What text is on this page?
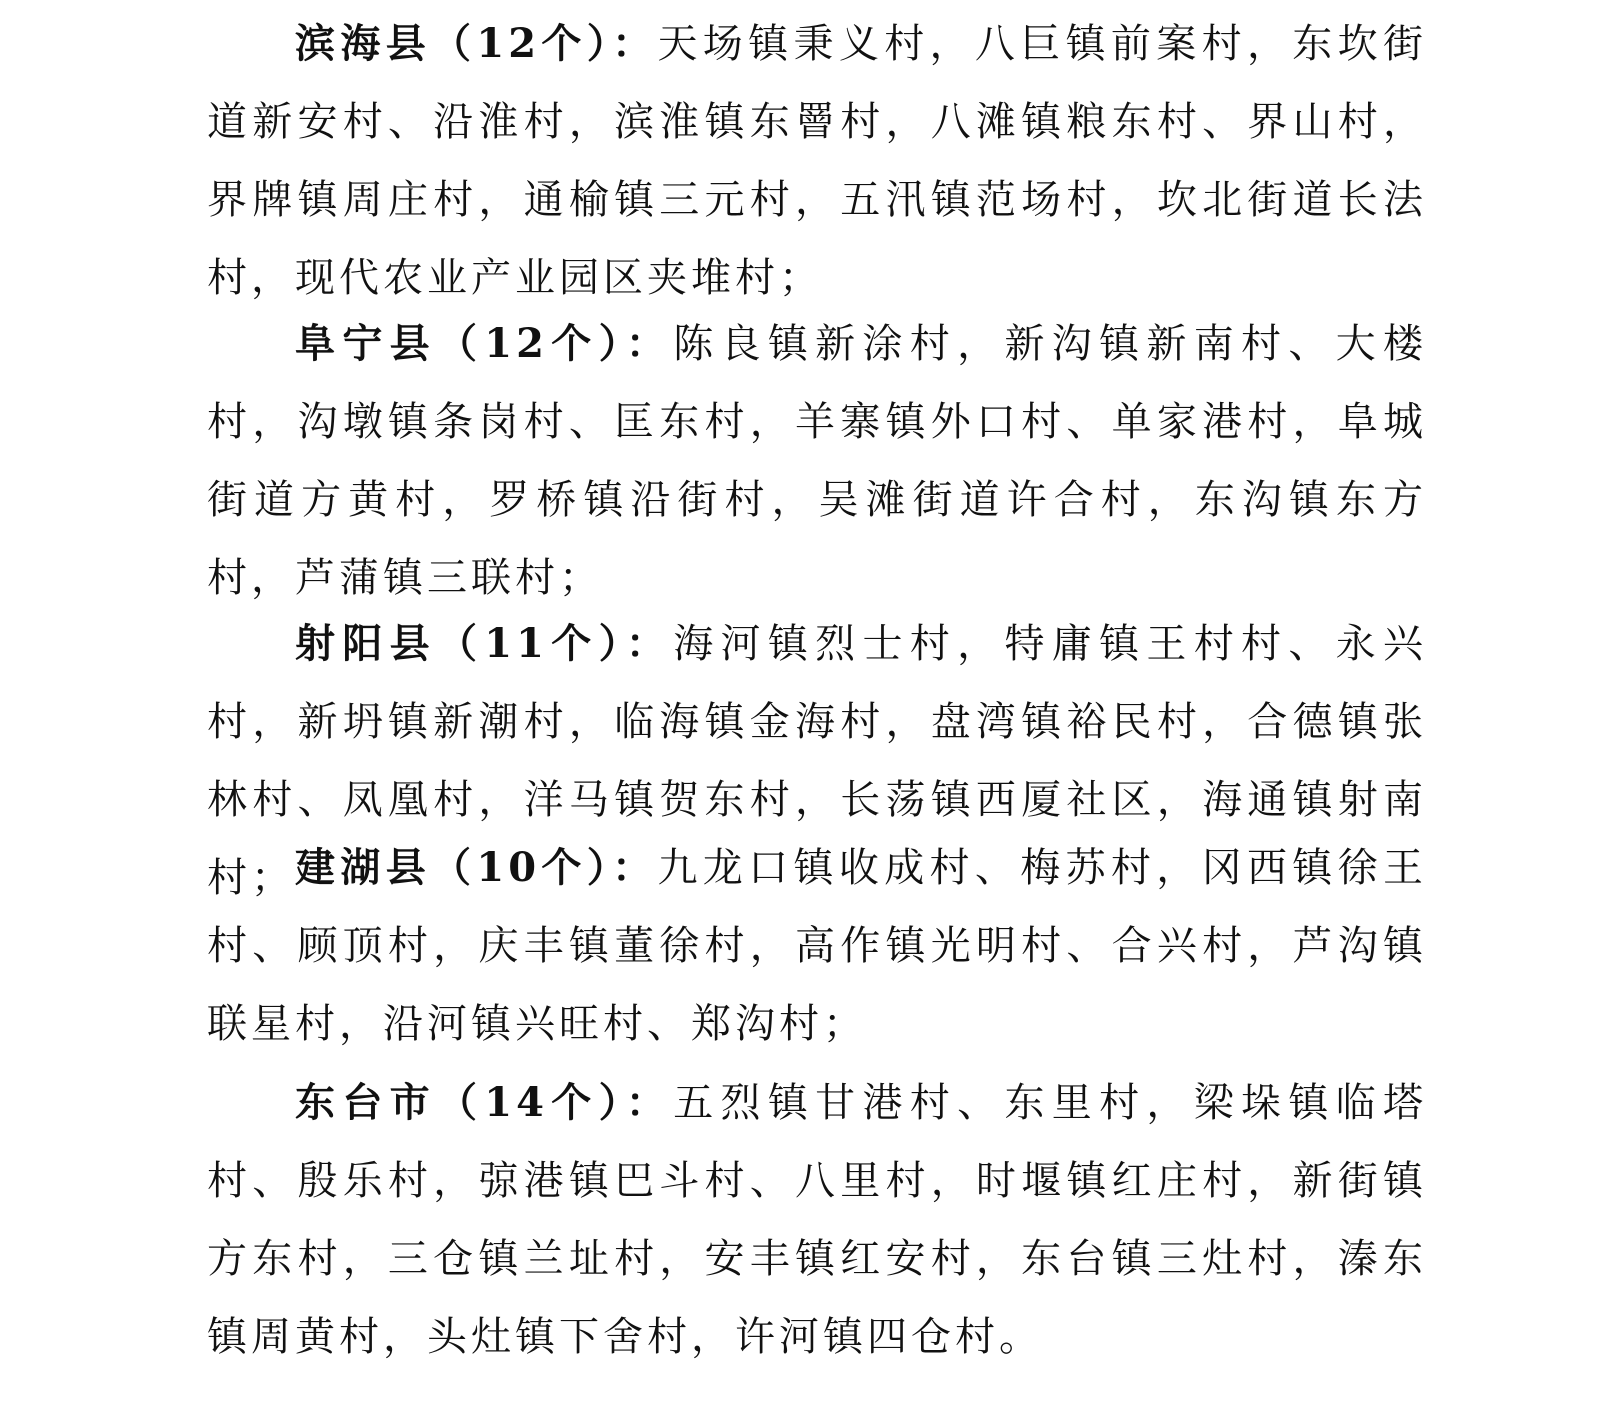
滨海县（12个）：天场镇秉义村，八巨镇前案村，东坎街道新安村、沿淮村，滨淮镇东罾村，八滩镇粮东村、界山村，界牌镇周庄村，通榆镇三元村，五汛镇范场村，坎北街道长法村，现代农业产业园区夹堆村；

阜宁县（12个）：陈良镇新涂村，新沟镇新南村、大楼村，沟墩镇条岗村、匡东村，羊寨镇外口村、单家港村，阜城街道方黄村，罗桥镇沿街村，吴滩街道许合村，东沟镇东方村，芦蒲镇三联村；

射阳县（11个）：海河镇烈士村，特庸镇王村村、永兴村，新坍镇新潮村，临海镇金海村，盘湾镇裕民村，合德镇张林村、凤凰村，洋马镇贺东村，长荡镇西厦社区，海通镇射南村； 建湖县（10个）：九龙口镇收成村、梅苏村，冈西镇徐王村、顾顶村，庆丰镇董徐村，高作镇光明村、合兴村，芦沟镇联星村，沿河镇兴旺村、郑沟村；

东台市（14个）：五烈镇甘港村、东里村，梁垛镇临塔村、殷乐村，弶港镇巴斗村、八里村，时堰镇红庄村，新街镇方东村，三仓镇兰址村，安丰镇红安村，东台镇三灶村，溱东镇周黄村，头灶镇下舍村，许河镇四仓村。
